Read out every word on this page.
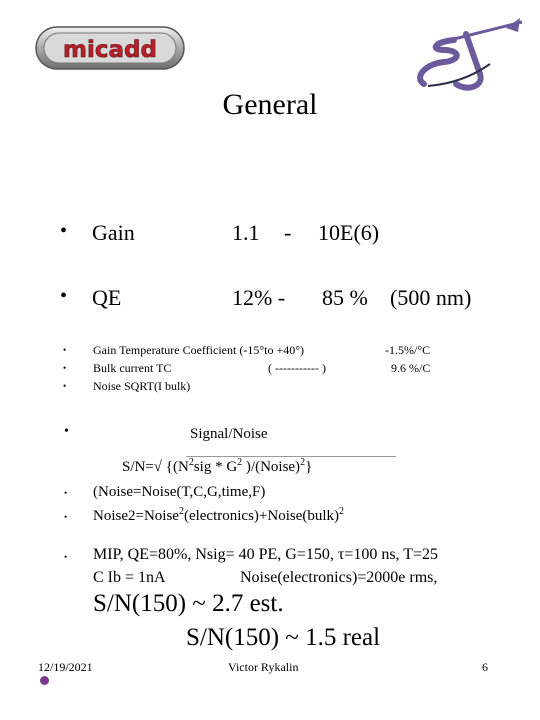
micadd
General
• Gain	1.1 - 10E(6)
• QE	12% - 85 % (500 nm)
• Gain Temperature Coefficient (-15°to +40°)	-1.5%/°C
• Bulk current TC	( ----------- )	9.6 %/C
• Noise SQRT(I bulk)
•	Signal/Noise
S/N=√ {($N^2sig * G^2$ )/(Noise)$^2$}
• (Noise=Noise(T,C,G,time,F)
• Noise2=Noise$^2$(electronics)+Noise(bulk)$^2$
• MIP, QE=80%, Nsig= 40 PE, G=150, τ=100 ns, T=25
C Ib = 1nA	Noise(electronics)=2000e rms,
S/N(150) ~ 2.7 est.
S/N(150) ~ 1.5 real
12/19/2021	Victor Rykalin	6
